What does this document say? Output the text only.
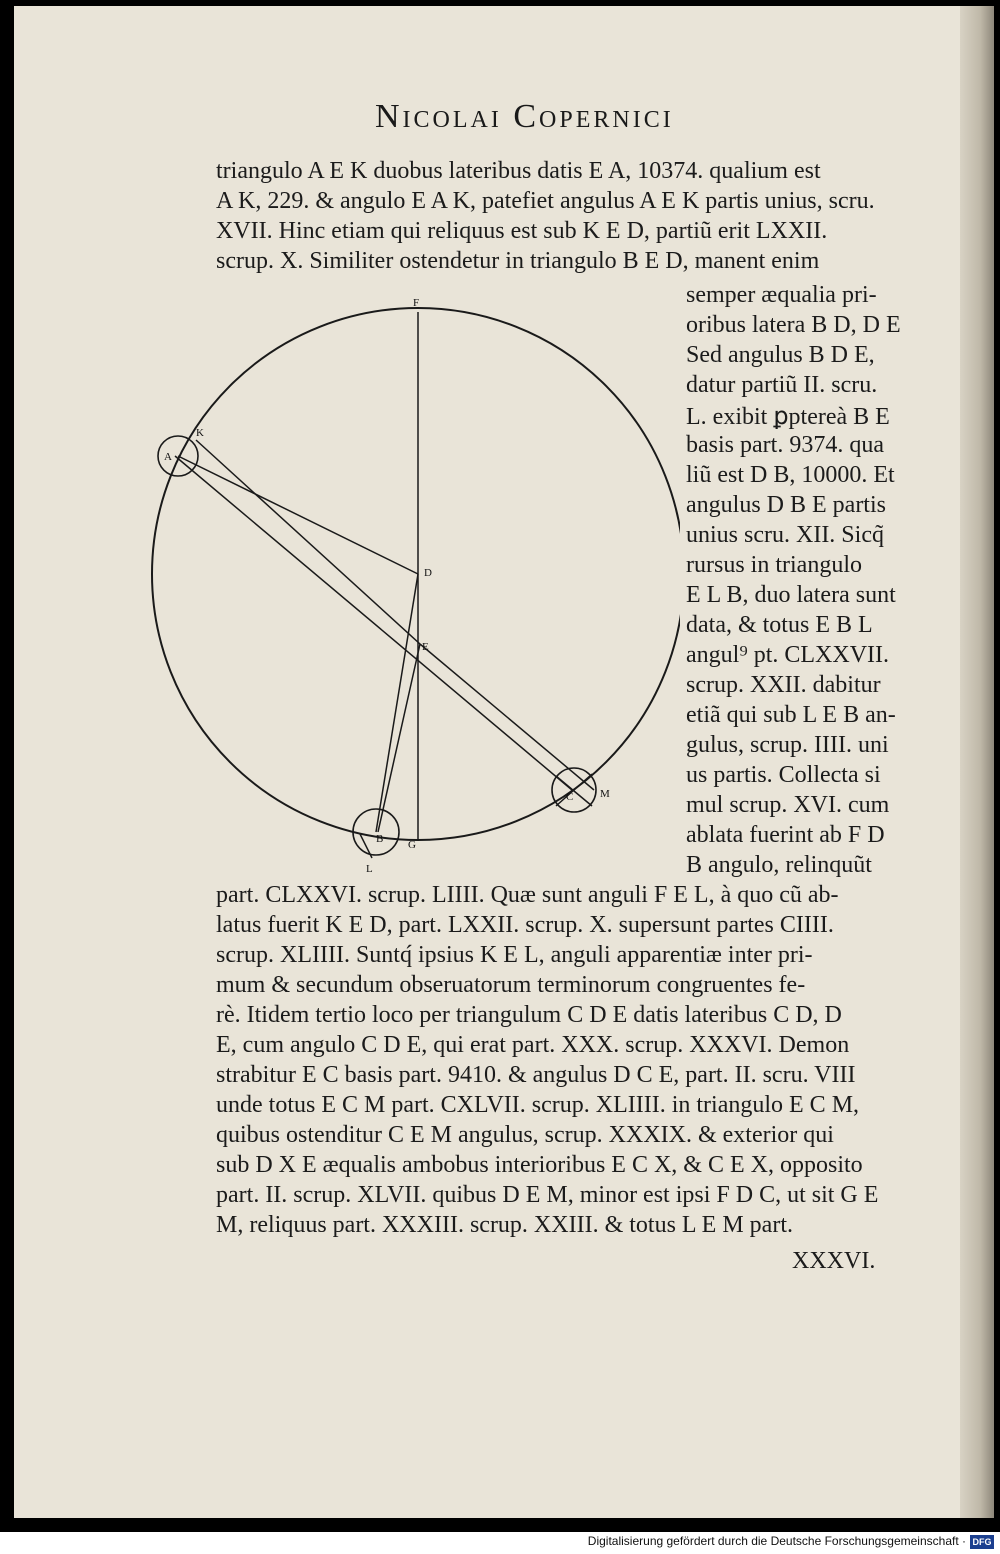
Nicolai Copernici
triangulo A E K duobus lateribus datis E A, 10374. qualium est
A K, 229. & angulo E A K, patefiet angulus A E K partis unius, scru.
XVII. Hinc etiam qui reliquus est sub K E D, partiũ erit LXXII.
scrup. X. Similiter ostendetur in triangulo B E D, manent enim
semper æqualia pri-
oribus latera B D, D E
Sed angulus B D E,
datur partiũ II. scru.
L. exibit ꝑptereà B E
basis part. 9374. qua
liũ est D B, 10000. Et
angulus D B E partis
unius scru. XII. Sicq̃
rursus in triangulo
E L B, duo latera sunt
data, & totus E B L
angul⁹ pt. CLXXVII.
scrup. XXII. dabitur
etiã qui sub L E B an-
gulus, scrup. IIII. uni
us partis. Collecta si
mul scrup. XVI. cum
ablata fuerint ab F D
B angulo, relinquũt
part. CLXXVI. scrup. LIIII. Quæ sunt anguli F E L, à quo cũ ab-
latus fuerit K E D, part. LXXII. scrup. X. supersunt partes CIIII.
scrup. XLIIII. Suntq́ ipsius K E L, anguli apparentiæ inter pri-
mum & secundum obseruatorum terminorum congruentes fe-
rè. Itidem tertio loco per triangulum C D E datis lateribus C D, D
E, cum angulo C D E, qui erat part. XXX. scrup. XXXVI. Demon
strabitur E C basis part. 9410. & angulus D C E, part. II. scru. VIII
unde totus E C M part. CXLVII. scrup. XLIIII. in triangulo E C M,
quibus ostenditur C E M angulus, scrup. XXXIX. & exterior qui
sub D X E æqualis ambobus interioribus E C X, & C E X, opposito
part. II. scrup. XLVII. quibus D E M, minor est ipsi F D C, ut sit G E
M, reliquus part. XXXIII. scrup. XXIII. & totus L E M part.
XXXVI.
F
K
A
D
E
C M
B G
L
Digitalisierung gefördert durch die Deutsche Forschungsgemeinschaft · DFG
